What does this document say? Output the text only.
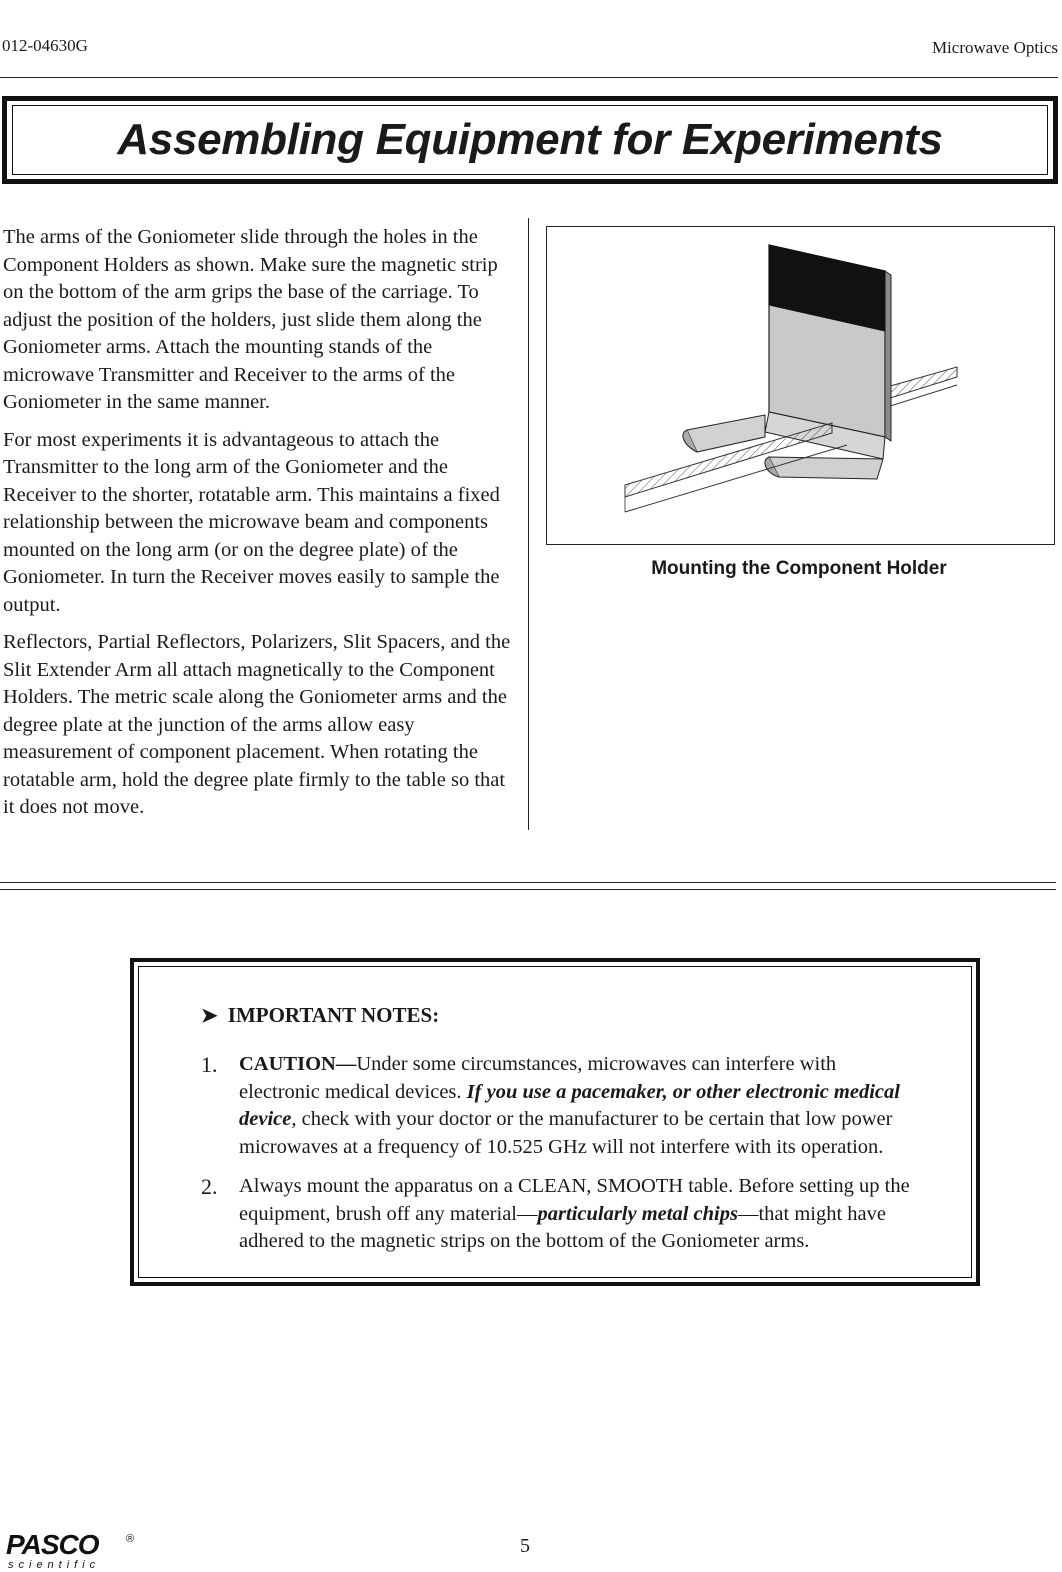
012-04630G	Microwave Optics
Assembling Equipment for Experiments

The arms of the Goniometer slide through the holes in the Component Holders as shown. Make sure the magnetic strip on the bottom of the arm grips the base of the carriage. To adjust the position of the holders, just slide them along the Goniometer arms. Attach the mounting stands of the microwave Transmitter and Receiver to the arms of the Goniometer in the same manner.

For most experiments it is advantageous to attach the Transmitter to the long arm of the Goniometer and the Receiver to the shorter, rotatable arm. This maintains a fixed relationship between the microwave beam and components mounted on the long arm (or on the degree plate) of the Goniometer. In turn the Receiver moves easily to sample the output.

Reflectors, Partial Reflectors, Polarizers, Slit Spacers, and the Slit Extender Arm all attach magnetically to the Component Holders. The metric scale along the Goniometer arms and the degree plate at the junction of the arms allow easy measurement of component placement. When rotating the rotatable arm, hold the degree plate firmly to the table so that it does not move.

Mounting the Component Holder
➤ IMPORTANT NOTES:
1. CAUTION—Under some circumstances, microwaves can interfere with electronic medical devices. If you use a pacemaker, or other electronic medical device, check with your doctor or the manufacturer to be certain that low power microwaves at a frequency of 10.525 GHz will not interfere with its operation.
2. Always mount the apparatus on a CLEAN, SMOOTH table. Before setting up the equipment, brush off any material—particularly metal chips—that might have adhered to the magnetic strips on the bottom of the Goniometer arms.
5
PASCO	®
scientific
